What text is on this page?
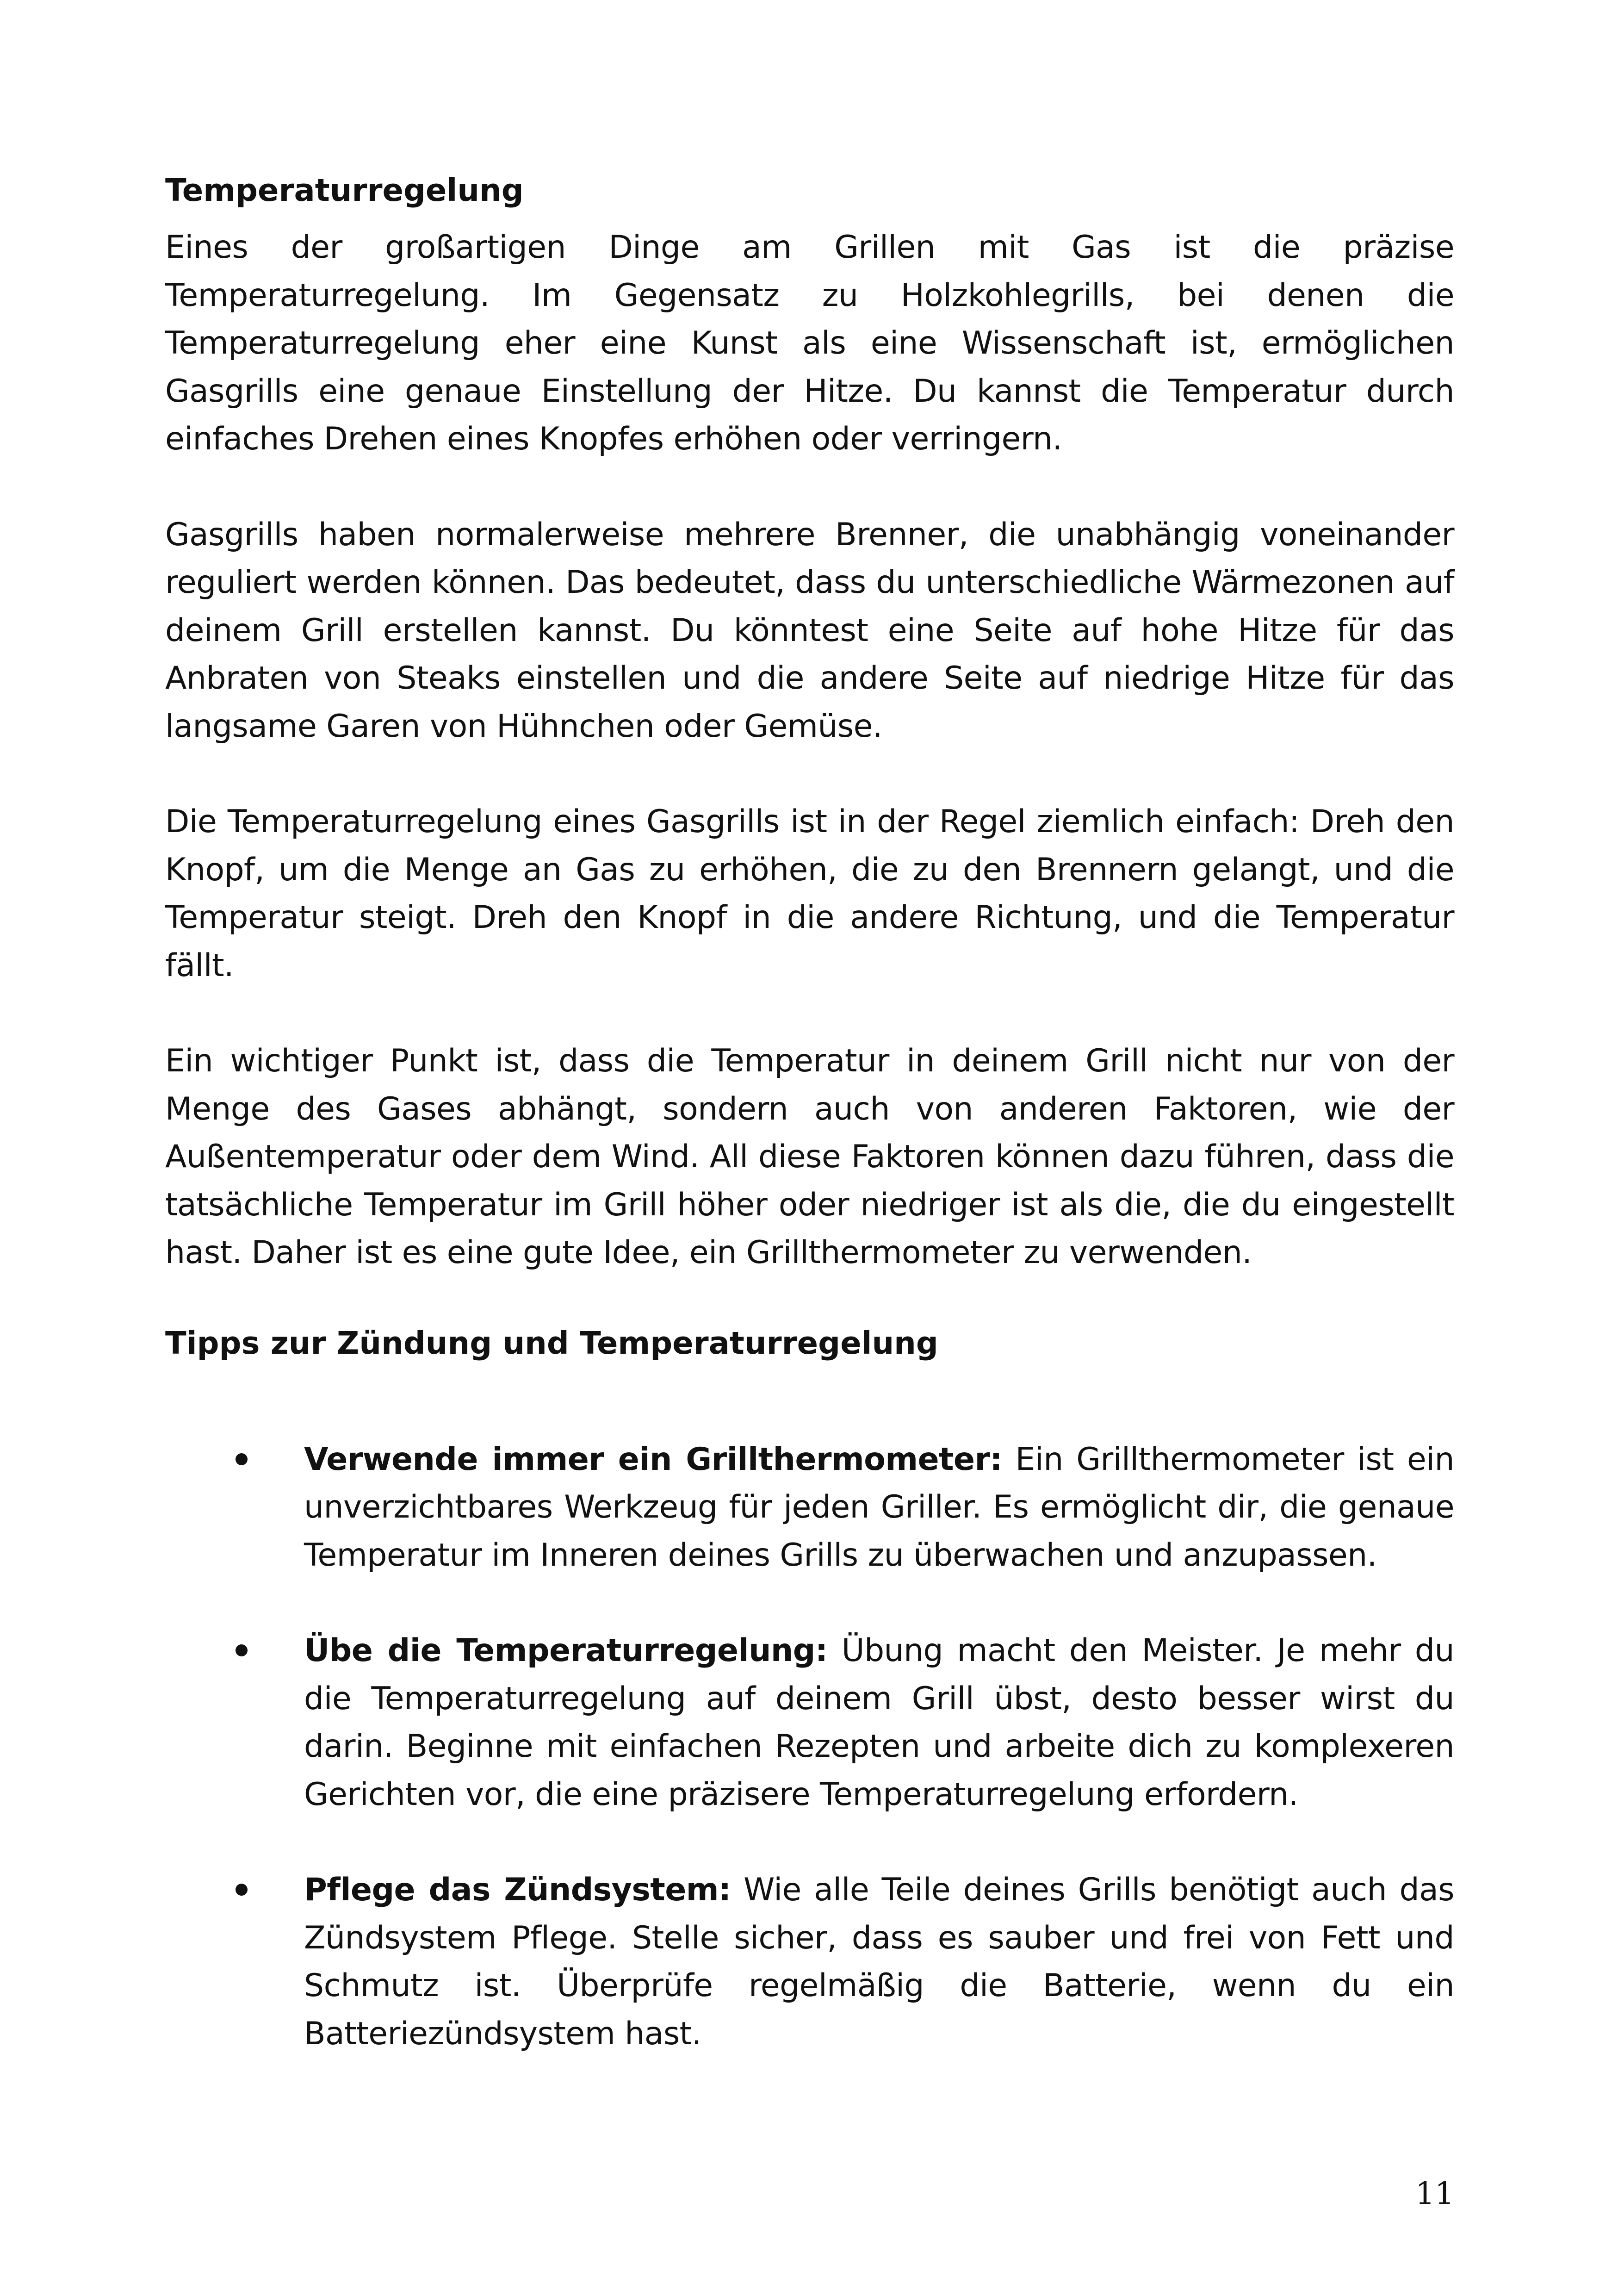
Temperaturregelung

Eines der großartigen Dinge am Grillen mit Gas ist die präzise Temperaturregelung. Im Gegensatz zu Holzkohlegrills, bei denen die Temperaturregelung eher eine Kunst als eine Wissenschaft ist, ermöglichen Gasgrills eine genaue Einstellung der Hitze. Du kannst die Temperatur durch einfaches Drehen eines Knopfes erhöhen oder verringern.

Gasgrills haben normalerweise mehrere Brenner, die unabhängig voneinander reguliert werden können. Das bedeutet, dass du unterschiedliche Wärmezonen auf deinem Grill erstellen kannst. Du könntest eine Seite auf hohe Hitze für das Anbraten von Steaks einstellen und die andere Seite auf niedrige Hitze für das langsame Garen von Hühnchen oder Gemüse.

Die Temperaturregelung eines Gasgrills ist in der Regel ziemlich einfach: Dreh den Knopf, um die Menge an Gas zu erhöhen, die zu den Brennern gelangt, und die Temperatur steigt. Dreh den Knopf in die andere Richtung, und die Temperatur fällt.

Ein wichtiger Punkt ist, dass die Temperatur in deinem Grill nicht nur von der Menge des Gases abhängt, sondern auch von anderen Faktoren, wie der Außentemperatur oder dem Wind. All diese Faktoren können dazu führen, dass die tatsächliche Temperatur im Grill höher oder niedriger ist als die, die du eingestellt hast. Daher ist es eine gute Idee, ein Grillthermometer zu verwenden.

Tipps zur Zündung und Temperaturregelung
Verwende immer ein Grillthermometer: Ein Grillthermometer ist ein unverzichtbares Werkzeug für jeden Griller. Es ermöglicht dir, die genaue Temperatur im Inneren deines Grills zu überwachen und anzupassen.
Übe die Temperaturregelung: Übung macht den Meister. Je mehr du die Temperaturregelung auf deinem Grill übst, desto besser wirst du darin. Beginne mit einfachen Rezepten und arbeite dich zu komplexeren Gerichten vor, die eine präzisere Temperaturregelung erfordern.
Pflege das Zündsystem: Wie alle Teile deines Grills benötigt auch das Zündsystem Pflege. Stelle sicher, dass es sauber und frei von Fett und Schmutz ist. Überprüfe regelmäßig die Batterie, wenn du ein Batteriezündsystem hast.
11
